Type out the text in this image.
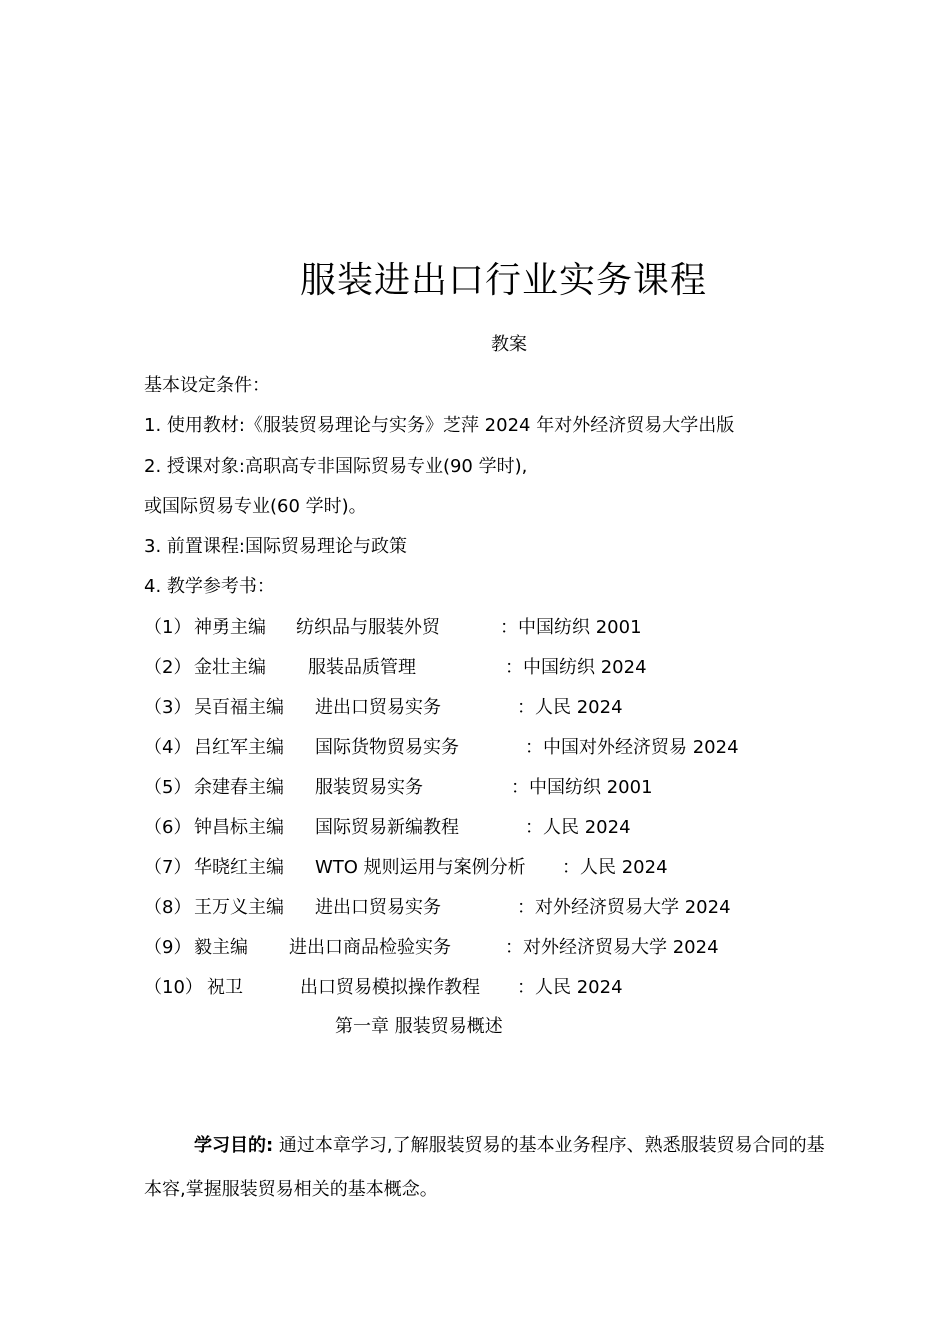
服装进出口行业实务课程
教案
基本设定条件：
1. 使用教材:《服装贸易理论与实务》芝萍 2024 年对外经济贸易大学出版
2. 授课对象:高职高专非国际贸易专业(90 学时),
或国际贸易专业(60 学时)。
3. 前置课程:国际贸易理论与政策
4. 教学参考书：
（1） 神勇主编 纺织品与服装外贸	：中国纺织 2001
（2） 金壮主编 服装品质管理	：中国纺织 2024
（3） 吴百福主编 进出口贸易实务	：人民 2024
（4） 吕红军主编 国际货物贸易实务	：中国对外经济贸易 2024
（5） 余建春主编 服装贸易实务	：中国纺织 2001
（6） 钟昌标主编 国际贸易新编教程	：人民 2024
（7） 华晓红主编 WTO 规则运用与案例分析 ：人民 2024
（8） 王万义主编 进出口贸易实务	：对外经济贸易大学 2024
（9） 毅主编 进出口商品检验实务	：对外经济贸易大学 2024
（10） 祝卫	出口贸易模拟操作教程 ：人民 2024
第一章 服装贸易概述
学习目的: 通过本章学习,了解服装贸易的基本业务程序、熟悉服装贸易合同的基
本容,掌握服装贸易相关的基本概念。
